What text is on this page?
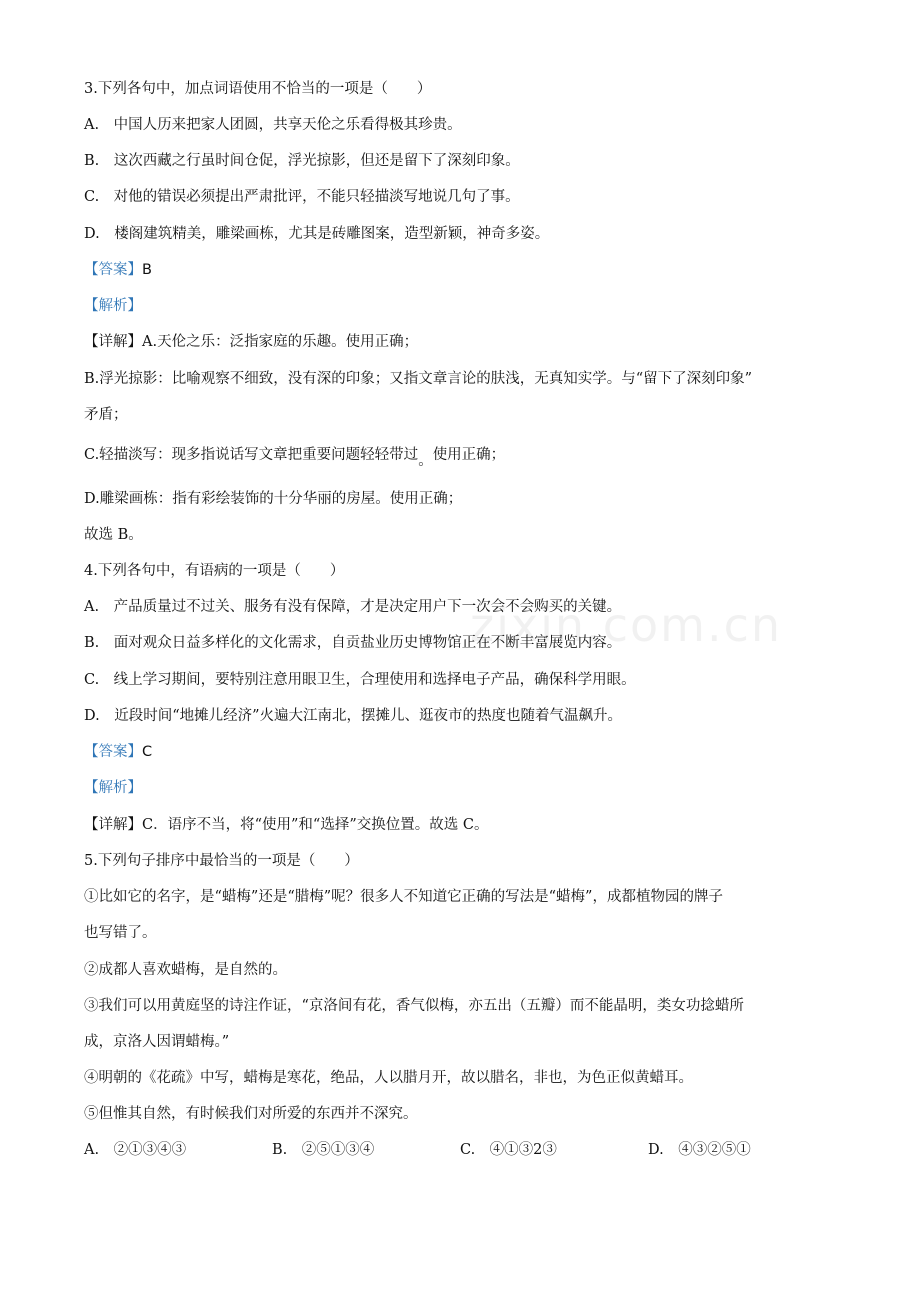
zixin.com.cn
3.下列各句中，加点词语使用不恰当的一项是（　　）
A.　中国人历来把家人团圆，共享天伦之乐看得极其珍贵。
B.　这次西藏之行虽时间仓促，浮光掠影，但还是留下了深刻印象。
C.　对他的错误必须提出严肃批评，不能只轻描淡写地说几句了事。
D.　楼阁建筑精美，雕梁画栋，尤其是砖雕图案，造型新颖，神奇多姿。
【答案】B
【解析】
【详解】A.天伦之乐：泛指家庭的乐趣。使用正确；
B.浮光掠影：比喻观察不细致，没有深的印象；又指文章言论的肤浅，无真知实学。与“留下了深刻印象”
矛盾；
C.轻描淡写：现多指说话写文章把重要问题轻轻带过。使用正确；
D.雕梁画栋：指有彩绘装饰的十分华丽的房屋。使用正确；
故选 B。
4.下列各句中，有语病的一项是（　　）
A.　产品质量过不过关、服务有没有保障，才是决定用户下一次会不会购买的关键。
B.　面对观众日益多样化的文化需求，自贡盐业历史博物馆正在不断丰富展览内容。
C.　线上学习期间，要特别注意用眼卫生，合理使用和选择电子产品，确保科学用眼。
D.　近段时间“地摊儿经济”火遍大江南北，摆摊儿、逛夜市的热度也随着气温飙升。
【答案】C
【解析】
【详解】C．语序不当，将“使用”和“选择”交换位置。故选 C。
5.下列句子排序中最恰当的一项是（　　）
①比如它的名字，是“蜡梅”还是“腊梅”呢？很多人不知道它正确的写法是“蜡梅”，成都植物园的牌子
也写错了。
②成都人喜欢蜡梅，是自然的。
③我们可以用黄庭坚的诗注作证，“京洛间有花，香气似梅，亦五出（五瓣）而不能晶明，类女功捻蜡所
成，京洛人因谓蜡梅。”
④明朝的《花疏》中写，蜡梅是寒花，绝品，人以腊月开，故以腊名，非也，为色正似黄蜡耳。
⑤但惟其自然，有时候我们对所爱的东西并不深究。
A.　②①③④③	B.　②⑤①③④	C.　④①③2③	D.　④③②⑤①
